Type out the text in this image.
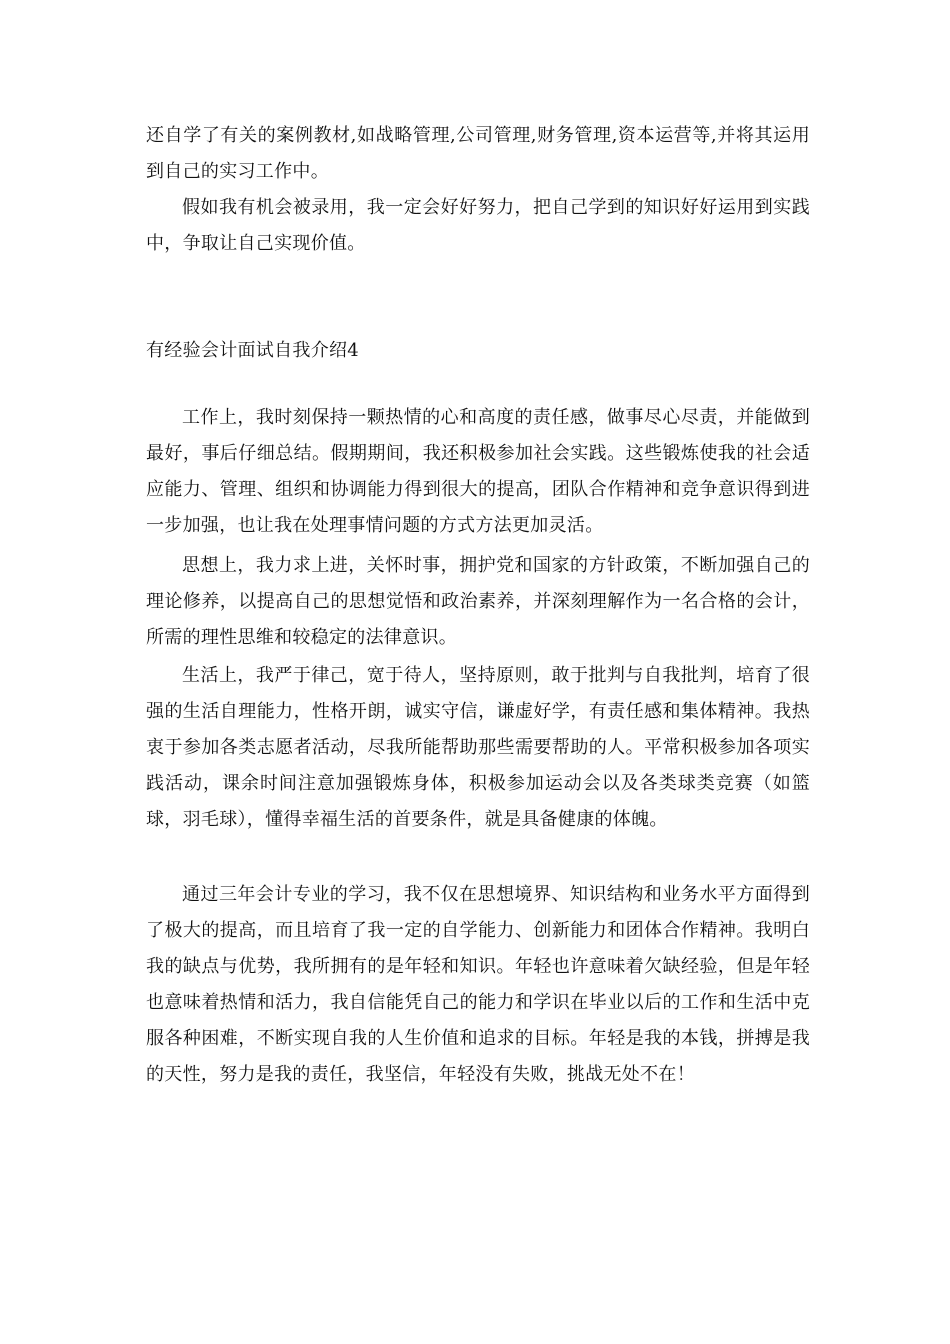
还自学了有关的案例教材,如战略管理,公司管理,财务管理,资本运营等,并将其运用到自己的实习工作中。

假如我有机会被录用，我一定会好好努力，把自己学到的知识好好运用到实践中，争取让自己实现价值。

有经验会计面试自我介绍4

工作上，我时刻保持一颗热情的心和高度的责任感，做事尽心尽责，并能做到最好，事后仔细总结。假期期间，我还积极参加社会实践。这些锻炼使我的社会适应能力、管理、组织和协调能力得到很大的提高，团队合作精神和竞争意识得到进一步加强，也让我在处理事情问题的方式方法更加灵活。

思想上，我力求上进，关怀时事，拥护党和国家的方针政策，不断加强自己的理论修养，以提高自己的思想觉悟和政治素养，并深刻理解作为一名合格的会计，所需的理性思维和较稳定的法律意识。

生活上，我严于律己，宽于待人，坚持原则，敢于批判与自我批判，培育了很强的生活自理能力，性格开朗，诚实守信，谦虚好学，有责任感和集体精神。我热衷于参加各类志愿者活动，尽我所能帮助那些需要帮助的人。平常积极参加各项实践活动，课余时间注意加强锻炼身体，积极参加运动会以及各类球类竞赛（如篮球，羽毛球），懂得幸福生活的首要条件，就是具备健康的体魄。

通过三年会计专业的学习，我不仅在思想境界、知识结构和业务水平方面得到了极大的提高，而且培育了我一定的自学能力、创新能力和团体合作精神。我明白我的缺点与优势，我所拥有的是年轻和知识。年轻也许意味着欠缺经验，但是年轻也意味着热情和活力，我自信能凭自己的能力和学识在毕业以后的工作和生活中克服各种困难，不断实现自我的人生价值和追求的目标。年轻是我的本钱，拼搏是我的天性，努力是我的责任，我坚信，年轻没有失败，挑战无处不在！
